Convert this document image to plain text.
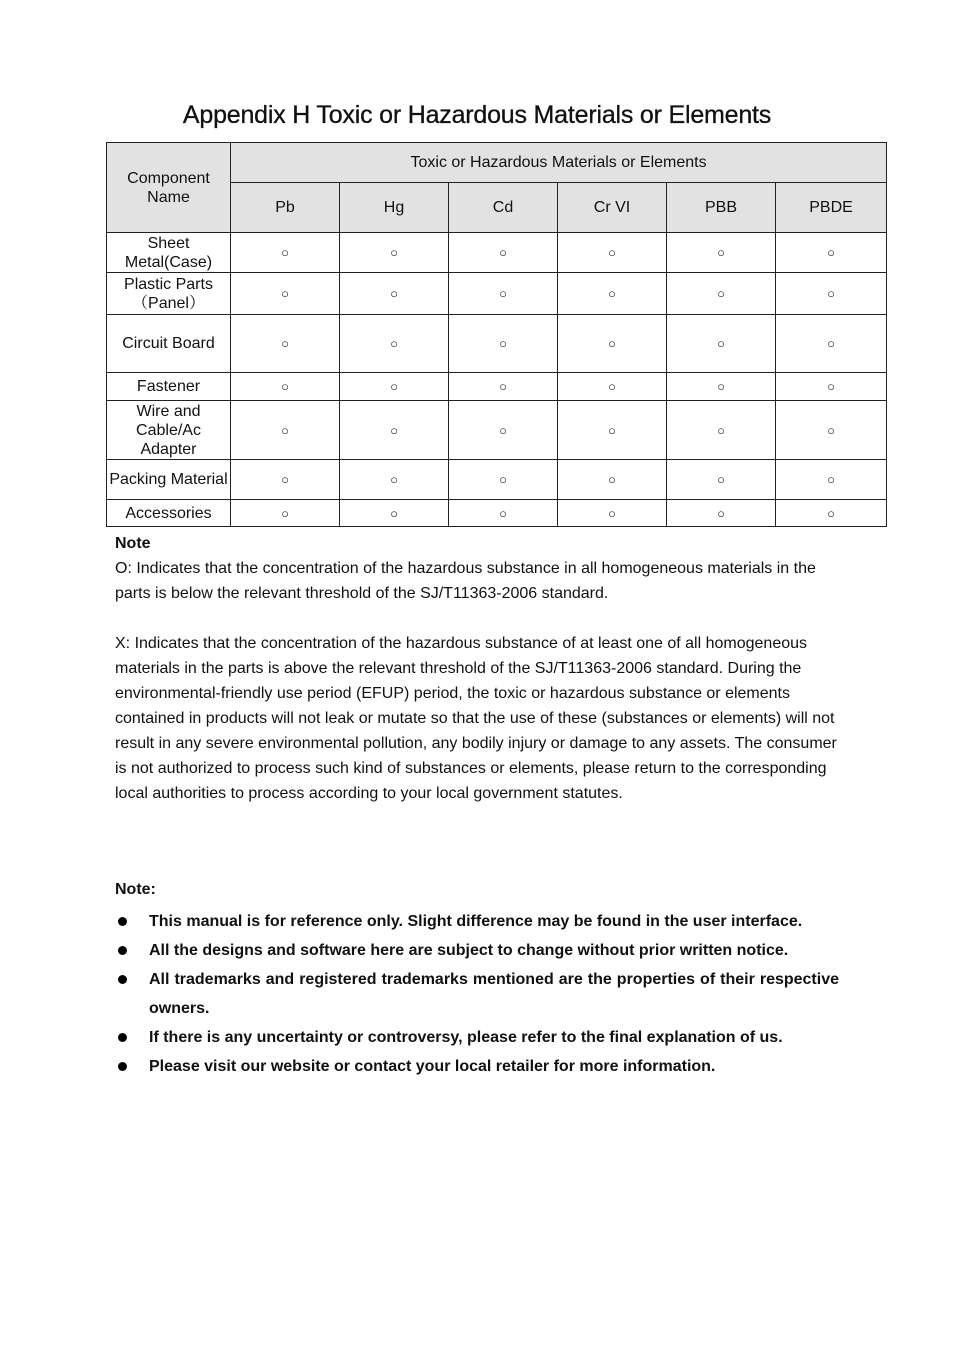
Appendix H Toxic or Hazardous Materials or Elements
Component Name	Toxic or Hazardous Materials or Elements					
	Pb	Hg	Cd	Cr VI	PBB	PBDE
Sheet Metal(Case)	○	○	○	○	○	○
Plastic Parts （Panel）	○	○	○	○	○	○
Circuit Board	○	○	○	○	○	○
Fastener	○	○	○	○	○	○
Wire and Cable/Ac Adapter	○	○	○	○	○	○
Packing Material	○	○	○	○	○	○
Accessories	○	○	○	○	○	○

Note

O: Indicates that the concentration of the hazardous substance in all homogeneous materials in the parts is below the relevant threshold of the SJ/T11363-2006 standard.

X: Indicates that the concentration of the hazardous substance of at least one of all homogeneous materials in the parts is above the relevant threshold of the SJ/T11363-2006 standard. During the environmental-friendly use period (EFUP) period, the toxic or hazardous substance or elements contained in products will not leak or mutate so that the use of these (substances or elements) will not result in any severe environmental pollution, any bodily injury or damage to any assets. The consumer is not authorized to process such kind of substances or elements, please return to the corresponding local authorities to process according to your local government statutes.

Note:

This manual is for reference only. Slight difference may be found in the user interface.
All the designs and software here are subject to change without prior written notice.
All trademarks and registered trademarks mentioned are the properties of their respective owners.
If there is any uncertainty or controversy, please refer to the final explanation of us.
Please visit our website or contact your local retailer for more information.
